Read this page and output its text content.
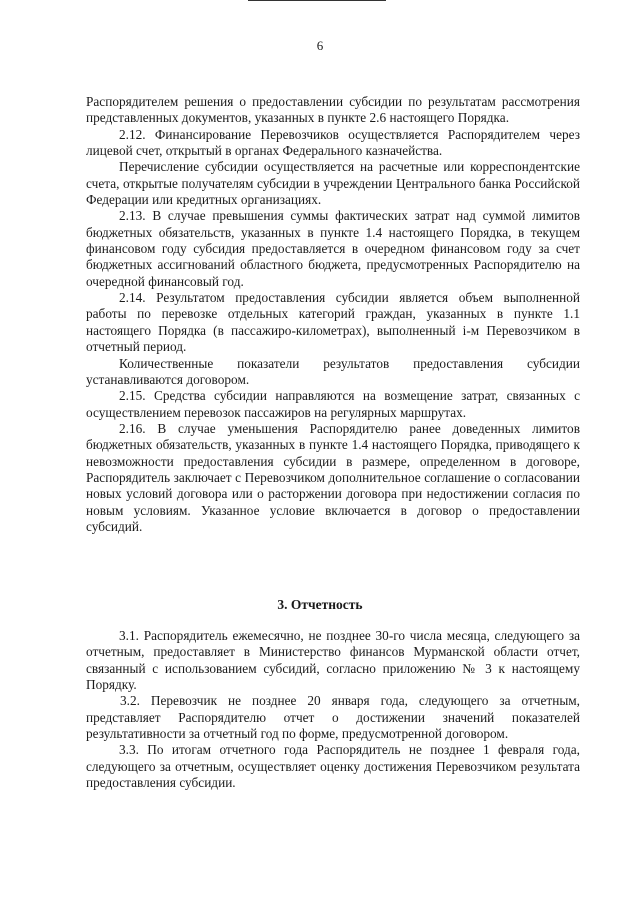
6

Распорядителем решения о предоставлении субсидии по результатам рассмотрения представленных документов, указанных в пункте 2.6 настоящего Порядка.

2.12. Финансирование Перевозчиков осуществляется Распорядителем через лицевой счет, открытый в органах Федерального казначейства.

Перечисление субсидии осуществляется на расчетные или корреспондентские счета, открытые получателям субсидии в учреждении Центрального банка Российской Федерации или кредитных организациях.

2.13. В случае превышения суммы фактических затрат над суммой лимитов бюджетных обязательств, указанных в пункте 1.4 настоящего Порядка, в текущем финансовом году субсидия предоставляется в очередном финансовом году за счет бюджетных ассигнований областного бюджета, предусмотренных Распорядителю на очередной финансовый год.

2.14. Результатом предоставления субсидии является объем выполненной работы по перевозке отдельных категорий граждан, указанных в пункте 1.1 настоящего Порядка (в пассажиро-километрах), выполненный i-м Перевозчиком в отчетный период.

Количественные показатели результатов предоставления субсидии устанавливаются договором.

2.15. Средства субсидии направляются на возмещение затрат, связанных с осуществлением перевозок пассажиров на регулярных маршрутах.

2.16. В случае уменьшения Распорядителю ранее доведенных лимитов бюджетных обязательств, указанных в пункте 1.4 настоящего Порядка, приводящего к невозможности предоставления субсидии в размере, определенном в договоре, Распорядитель заключает с Перевозчиком дополнительное соглашение о согласовании новых условий договора или о расторжении договора при недостижении согласия по новым условиям. Указанное условие включается в договор о предоставлении субсидий.

3. Отчетность

3.1. Распорядитель ежемесячно, не позднее 30-го числа месяца, следующего за отчетным, предоставляет в Министерство финансов Мурманской области отчет, связанный с использованием субсидий, согласно приложению № 3 к настоящему Порядку.

3.2. Перевозчик не позднее 20 января года, следующего за отчетным, представляет Распорядителю отчет о достижении значений показателей результативности за отчетный год по форме, предусмотренной договором.

3.3. По итогам отчетного года Распорядитель не позднее 1 февраля года, следующего за отчетным, осуществляет оценку достижения Перевозчиком результата предоставления субсидии.
